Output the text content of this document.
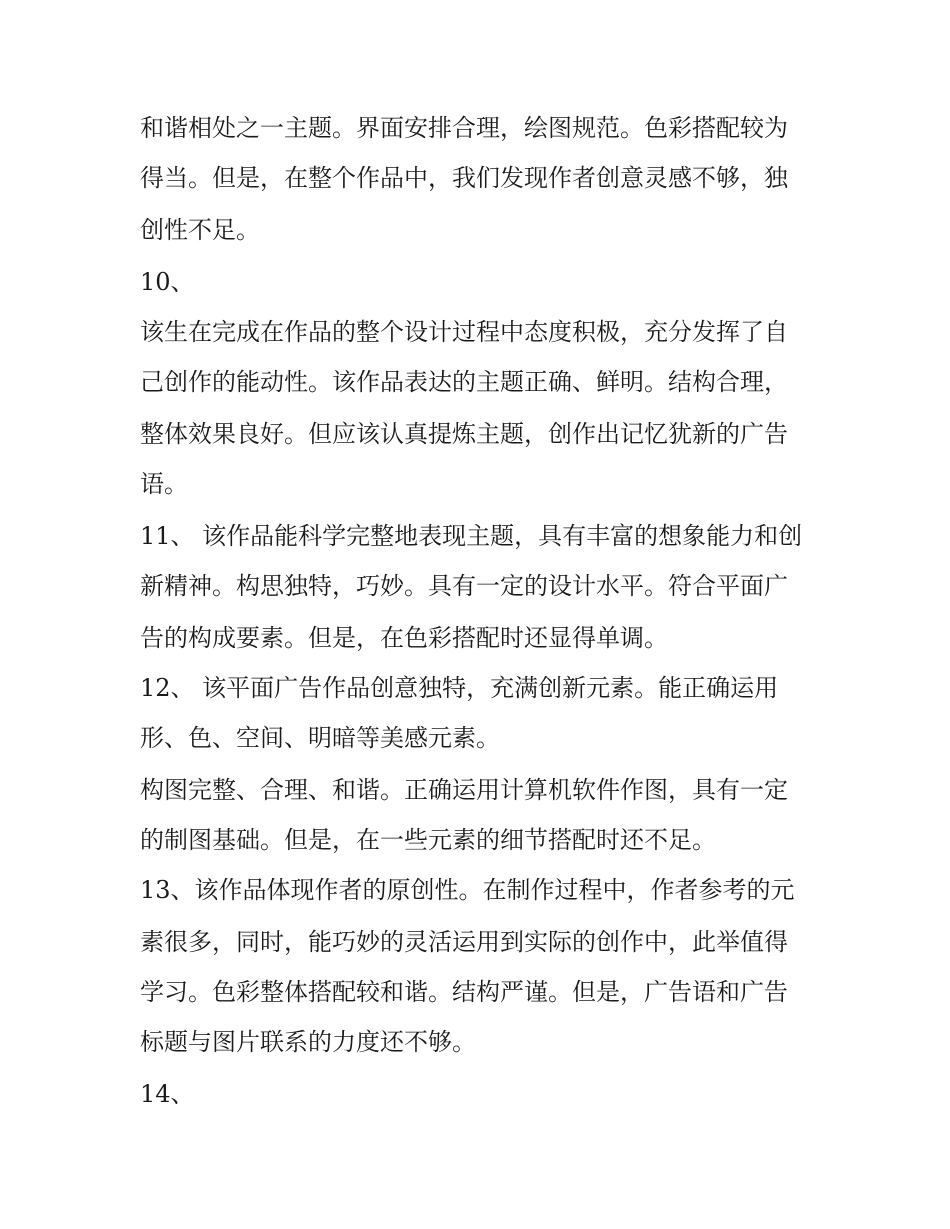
和谐相处之一主题。界面安排合理，绘图规范。色彩搭配较为
得当。但是，在整个作品中，我们发现作者创意灵感不够，独
创性不足。
10、
该生在完成在作品的整个设计过程中态度积极，充分发挥了自
己创作的能动性。该作品表达的主题正确、鲜明。结构合理，
整体效果良好。但应该认真提炼主题，创作出记忆犹新的广告
语。
11、 该作品能科学完整地表现主题，具有丰富的想象能力和创
新精神。构思独特，巧妙。具有一定的设计水平。符合平面广
告的构成要素。但是，在色彩搭配时还显得单调。
12、 该平面广告作品创意独特，充满创新元素。能正确运用
形、色、空间、明暗等美感元素。
构图完整、合理、和谐。正确运用计算机软件作图，具有一定
的制图基础。但是，在一些元素的细节搭配时还不足。
13、该作品体现作者的原创性。在制作过程中，作者参考的元
素很多，同时，能巧妙的灵活运用到实际的创作中，此举值得
学习。色彩整体搭配较和谐。结构严谨。但是，广告语和广告
标题与图片联系的力度还不够。
14、
